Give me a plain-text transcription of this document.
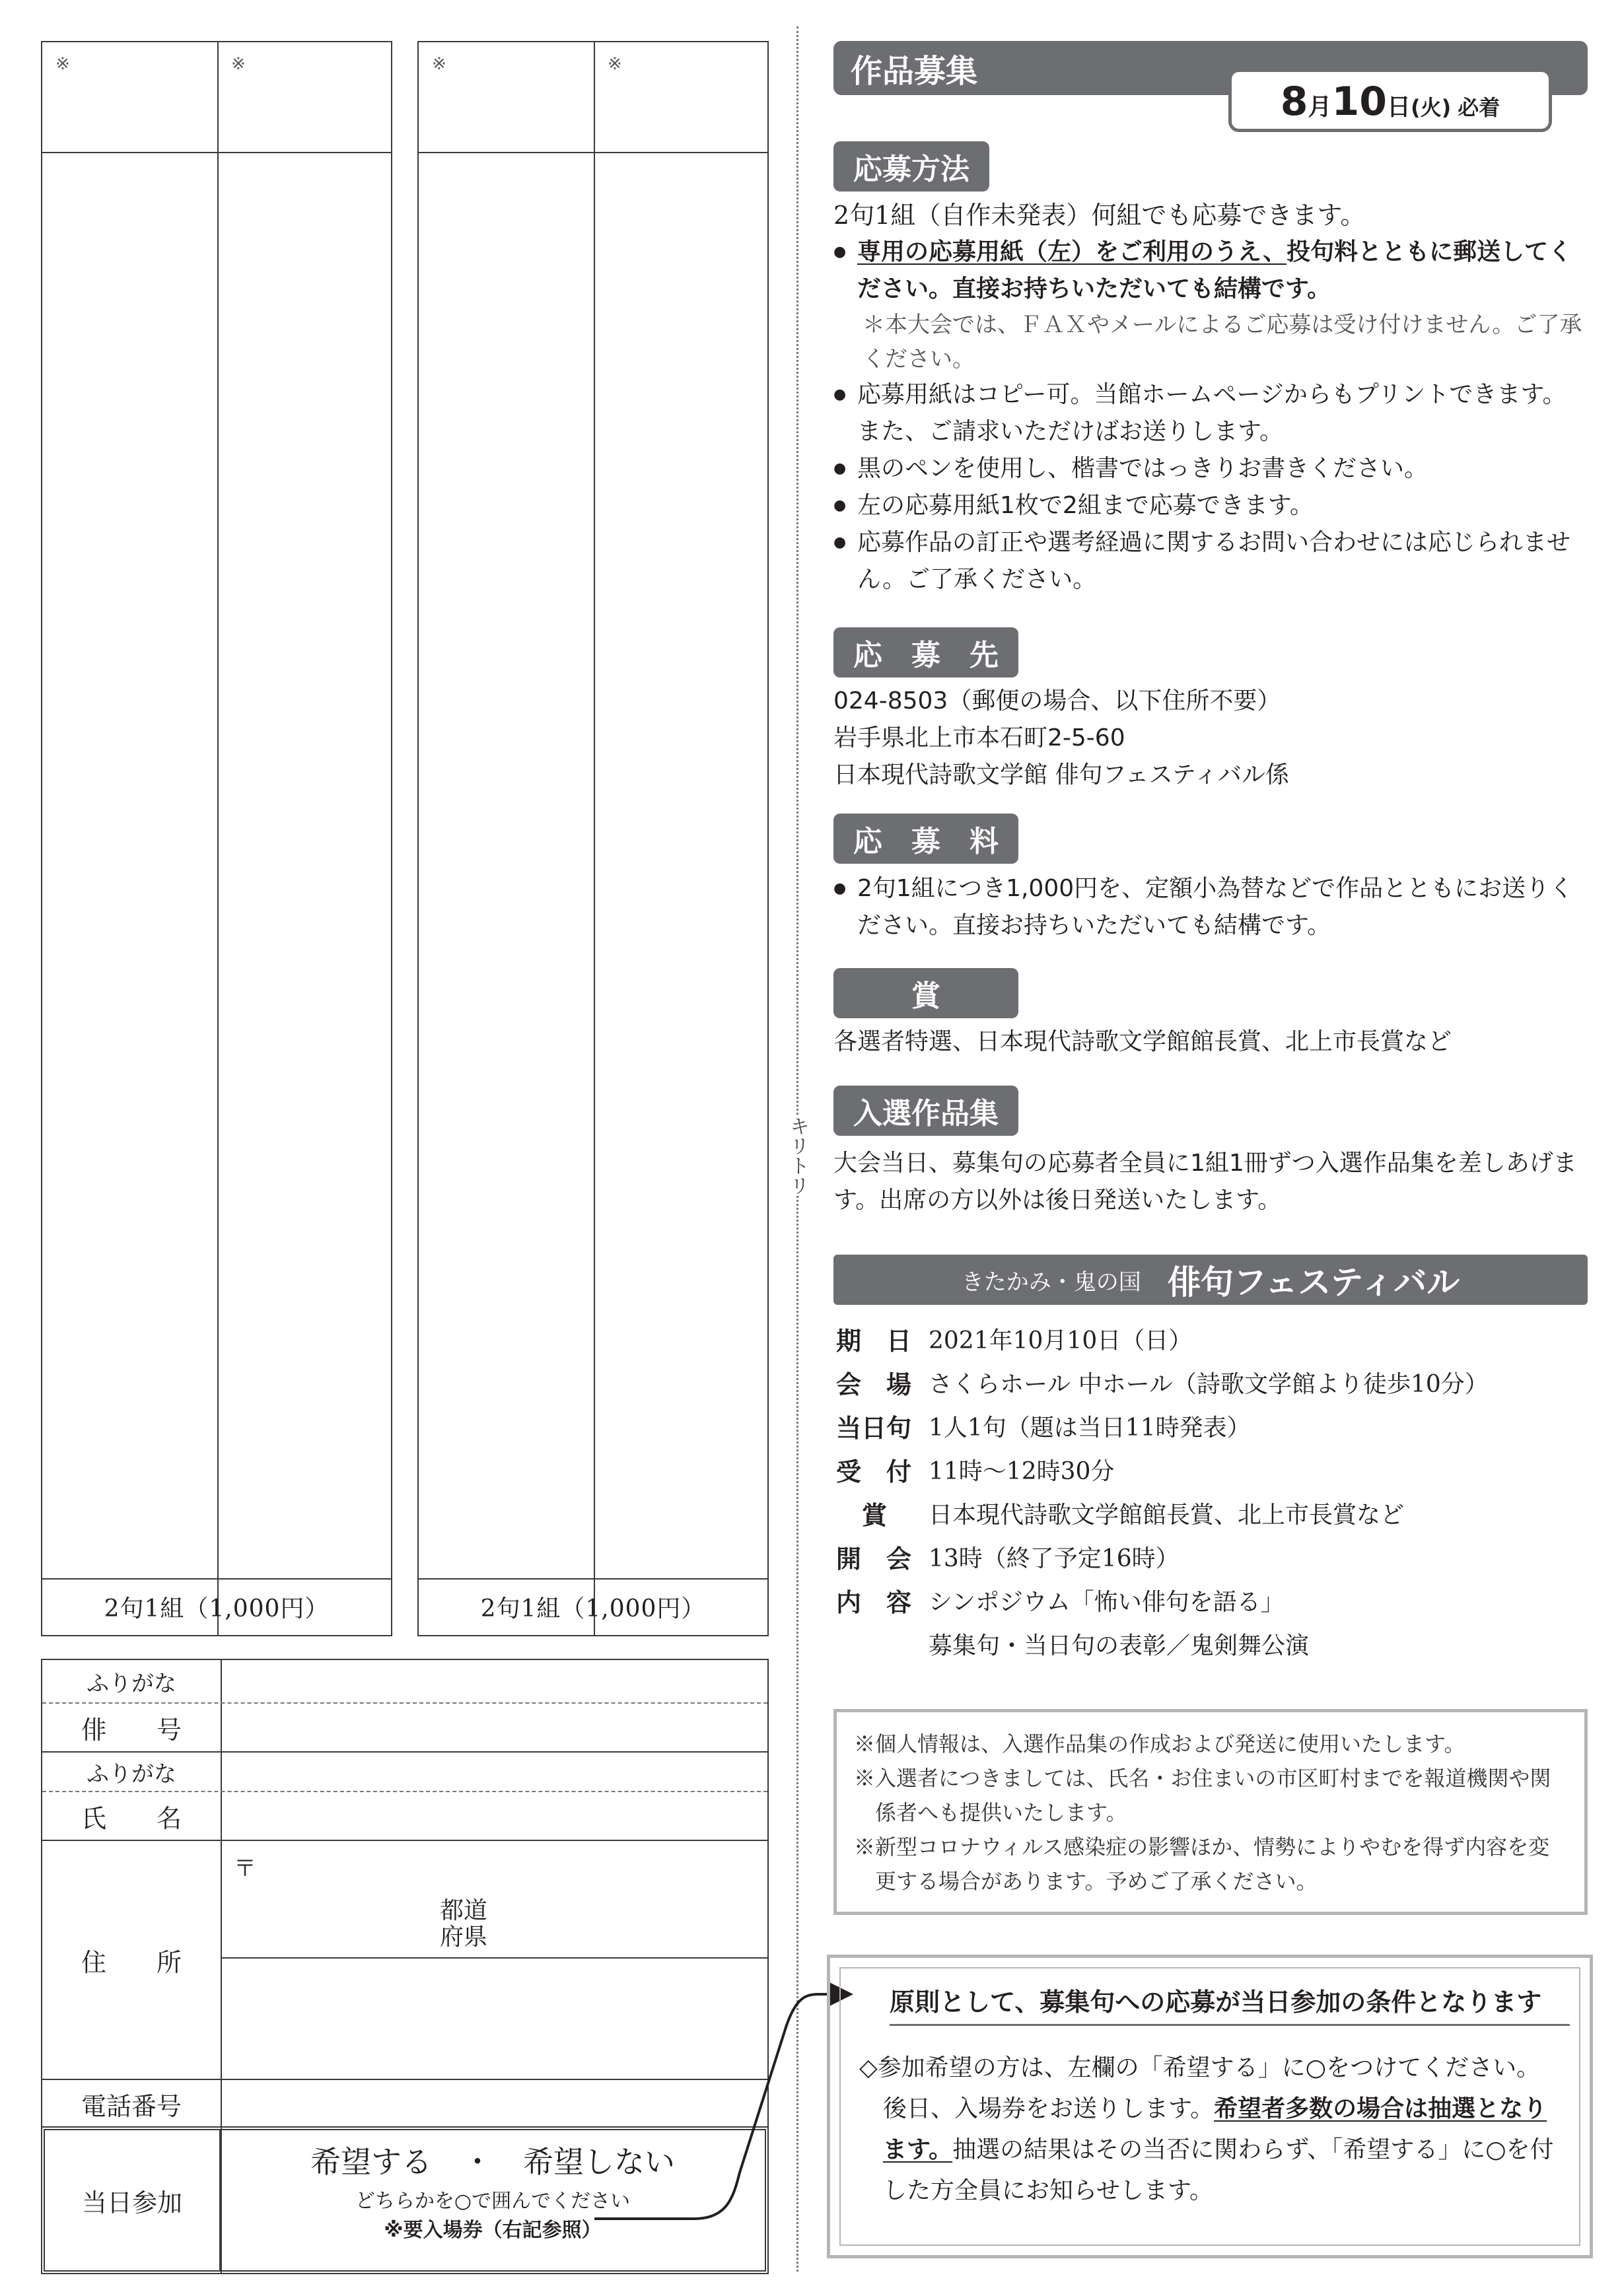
※	※
2句1組（1,000円）
※	※
2句1組（1,000円）
ふりがな
俳　　号
ふりがな
氏　　名
住　　所
〒
都道
府県
電話番号
当日参加
希望する　・　希望しない
どちらかを○で囲んでください
※要入場券（右記参照）
キリトリ
作品募集
8 月 10 日 (火) 必着
応募方法
2句1組（自作未発表）何組でも応募できます。
● 専用の応募用紙（左）をご利用のうえ、投句料とともに郵送してください。直接お持ちいただいても結構です。
＊本大会では、ＦＡＸやメールによるご応募は受け付けません。ご了承ください。
● 応募用紙はコピー可。当館ホームページからもプリントできます。また、ご請求いただけばお送りします。
● 黒のペンを使用し、楷書ではっきりお書きください。
● 左の応募用紙1枚で2組まで応募できます。
● 応募作品の訂正や選考経過に関するお問い合わせには応じられません。ご了承ください。
応　募　先
024-8503（郵便の場合、以下住所不要）
岩手県北上市本石町2-5-60
日本現代詩歌文学館 俳句フェスティバル係
応　募　料
● 2句1組につき1,000円を、定額小為替などで作品とともにお送りください。直接お持ちいただいても結構です。
賞
各選者特選、日本現代詩歌文学館館長賞、北上市長賞など
入選作品集
大会当日、募集句の応募者全員に1組1冊ずつ入選作品集を差しあげます。出席の方以外は後日発送いたします。
きたかみ・鬼の国 俳句フェスティバル
期　日 2021年10月10日（日）
会　場 さくらホール 中ホール（詩歌文学館より徒歩10分）
当日句 1人1句（題は当日11時発表）
受　付 11時〜12時30分
賞	日本現代詩歌文学館館長賞、北上市長賞など
開　会 13時（終了予定16時）
内　容 シンポジウム「怖い俳句を語る」
募集句・当日句の表彰／鬼剣舞公演
※個人情報は、入選作品集の作成および発送に使用いたします。
※入選者につきましては、氏名・お住まいの市区町村までを報道機関や関係者へも提供いたします。
※新型コロナウィルス感染症の影響ほか、情勢によりやむを得ず内容を変更する場合があります。予めご了承ください。
原則として、募集句への応募が当日参加の条件となります
◇参加希望の方は、左欄の「希望する」に○をつけてください。後日、入場券をお送りします。希望者多数の場合は抽選となります。抽選の結果はその当否に関わらず、「希望する」に○を付した方全員にお知らせします。
